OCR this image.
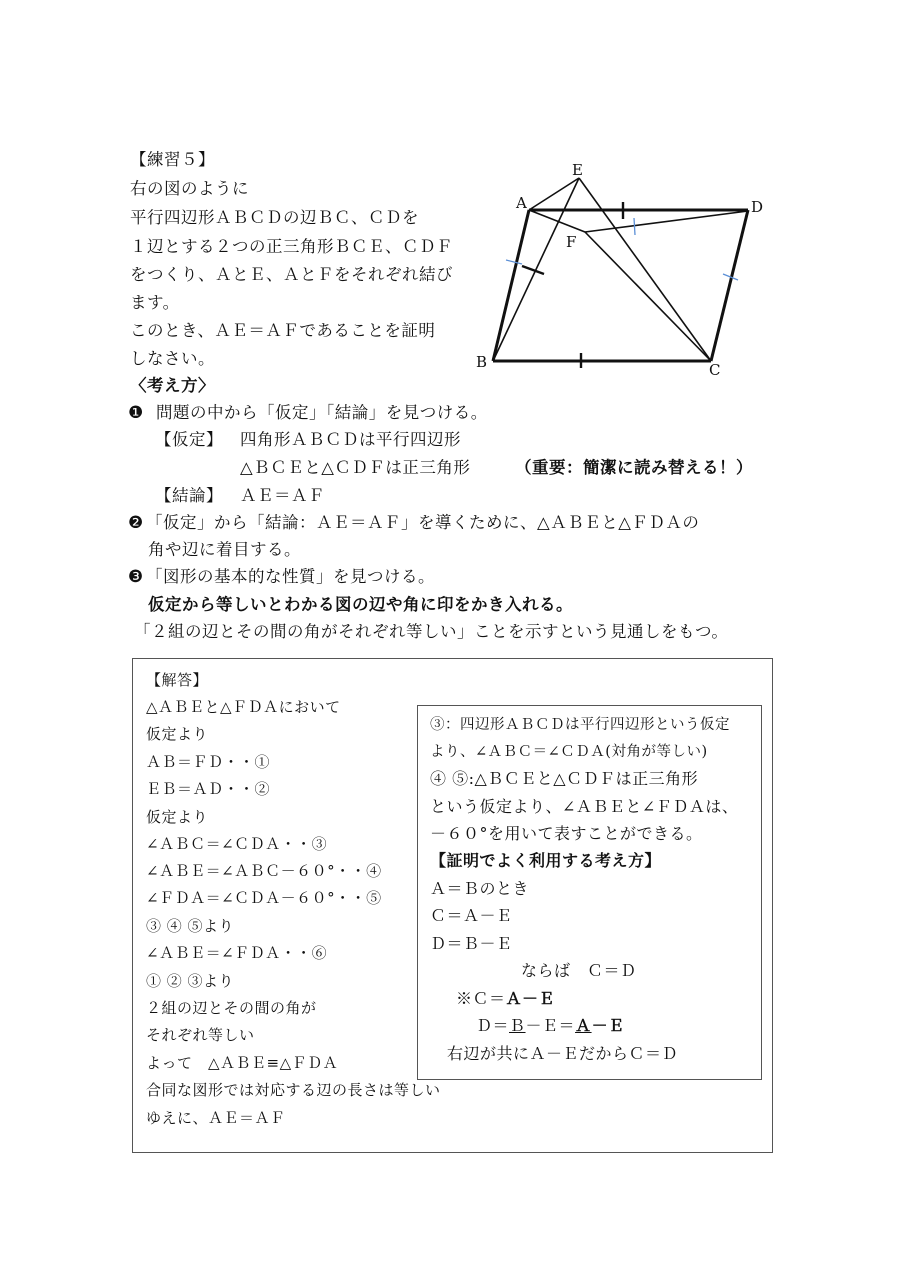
【練習５】
右の図のように
平行四辺形ＡＢＣＤの辺ＢＣ、ＣＤを
１辺とする２つの正三角形ＢＣＥ、ＣＤＦ
をつくり、ＡとＥ、ＡとＦをそれぞれ結び
ます。
このとき、ＡＥ＝ＡＦであることを証明
しなさい。
E
A	D
F
B	C
〈考え方〉
❶ 問題の中から「仮定」「結論」を見つける。
【仮定】 四角形ＡＢＣＤは平行四辺形
△ＢＣＥと△ＣＤＦは正三角形	（重要：簡潔に読み替える！）
【結論】 ＡＥ＝ＡＦ
❷ 「仮定」から「結論：ＡＥ＝ＡＦ」を導くために、△ＡＢＥと△ＦＤＡの
角や辺に着目する。
❸ 「図形の基本的な性質」を見つける。
仮定から等しいとわかる図の辺や角に印をかき入れる。
「２組の辺とその間の角がそれぞれ等しい」ことを示すという見通しをもつ。
【解答】
△ＡＢＥと△ＦＤＡにおいて
仮定より
ＡＢ＝ＦＤ・・①
ＥＢ＝ＡＤ・・②
仮定より
∠ＡＢＣ＝∠ＣＤＡ・・③
∠ＡＢＥ＝∠ＡＢＣ－６０°・・④
∠ＦＤＡ＝∠ＣＤＡ－６０°・・⑤
③ ④ ⑤より
∠ＡＢＥ＝∠ＦＤＡ・・⑥
① ② ③より
２組の辺とその間の角が
それぞれ等しい
よって　△ＡＢＥ≡△ＦＤＡ
合同な図形では対応する辺の長さは等しい
ゆえに、ＡＥ＝ＡＦ
③：四辺形ＡＢＣＤは平行四辺形という仮定
より、∠ＡＢＣ＝∠ＣＤＡ(対角が等しい)
④ ⑤:△ＢＣＥと△ＣＤＦは正三角形
という仮定より、∠ＡＢＥと∠ＦＤＡは、
－６０°を用いて表すことができる。
【証明でよく利用する考え方】
Ａ＝Ｂのとき
Ｃ＝Ａ－Ｅ
Ｄ＝Ｂ－Ｅ
ならば　Ｃ＝Ｄ
※Ｃ＝Ａ－Ｅ
Ｄ＝Ｂ－Ｅ＝Ａ－Ｅ
右辺が共にＡ－ＥだからＣ＝Ｄ
